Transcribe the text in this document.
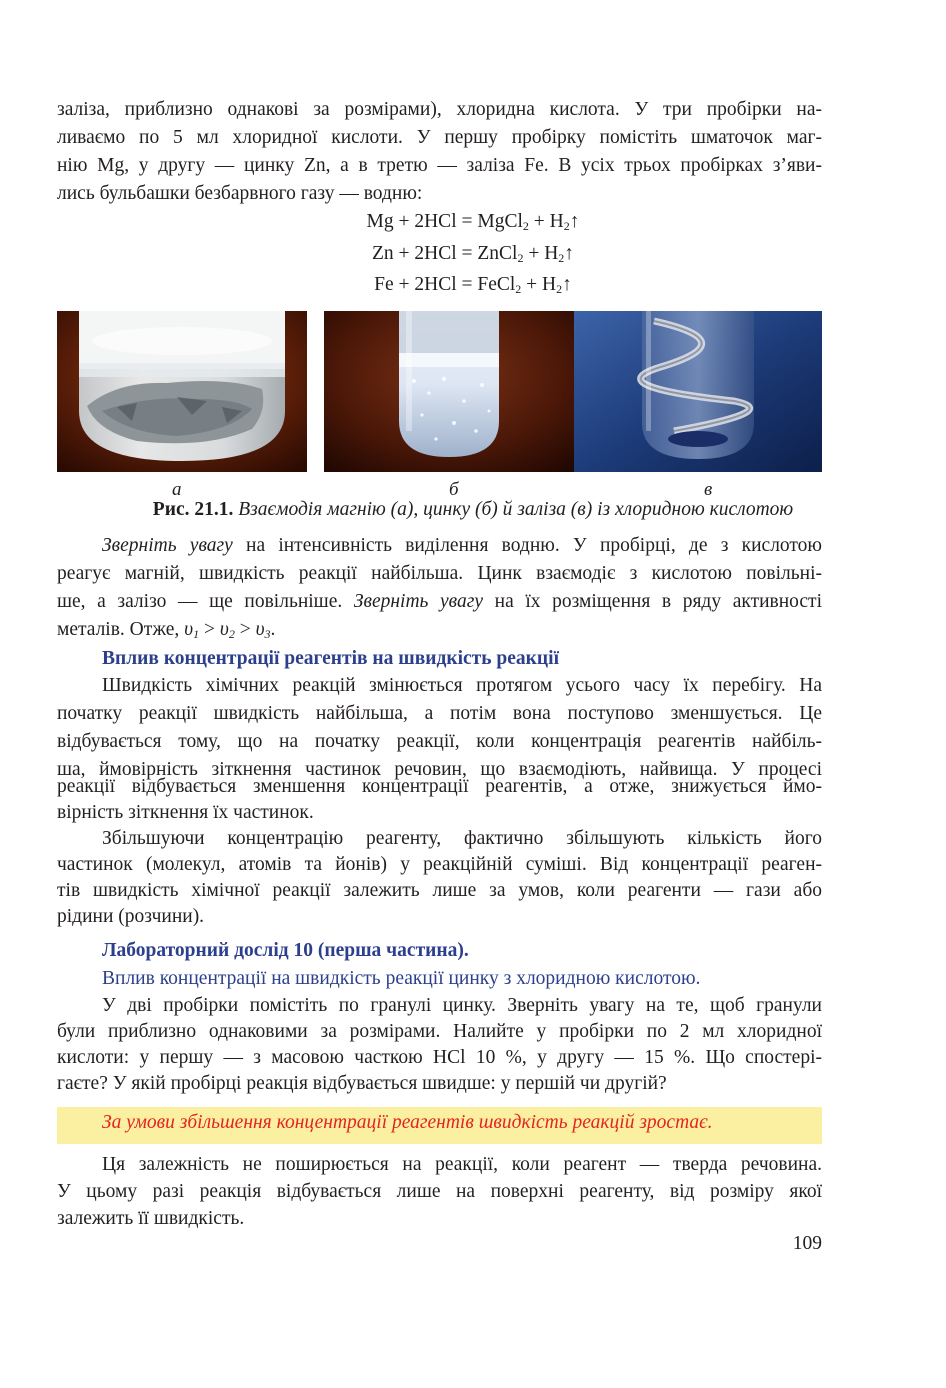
заліза, приблизно однакові за розмірами), хлоридна кислота. У три пробірки на-
ливаємо по 5 мл хлоридної кислоти. У першу пробірку помістіть шматочок маг-
нію Mg, у другу — цинку Zn, а в третю — заліза Fe. В усіх трьох пробірках з’яви-
лись бульбашки безбарвного газу — водню:
Mg + 2HCl = MgCl$_2$ + $H_2↑$
Zn + 2HCl = ZnCl$_2$ + $H_2↑$
Fe + 2HCl = FeCl$_2$ + $H_2↑$
а	б	в
Рис. 21.1. Взаємодія магнію (а), цинку (б) й заліза (в) із хлоридною кислотою
Зверніть увагу на інтенсивність виділення водню. У пробірці, де з кислотою
реагує магній, швидкість реакції найбільша. Цинк взаємодіє з кислотою повільні-
ше, а залізо — ще повільніше. Зверніть увагу на їх розміщення в ряду активності
металів. Отже, $\upsilon_1 > \upsilon_2 > \upsilon_3$.
Вплив концентрації реагентів на швидкість реакції
Швидкість хімічних реакцій змінюється протягом усього часу їх перебігу. На
початку реакції швидкість найбільша, а потім вона поступово зменшується. Це
відбувається тому, що на початку реакції, коли концентрація реагентів найбіль-
ша, ймовірність зіткнення частинок речовин, що взаємодіють, найвища. У процесі
реакції відбувається зменшення концентрації реагентів, а отже, знижується ймо-
вірність зіткнення їх частинок.
Збільшуючи концентрацію реагенту, фактично збільшують кількість його
частинок (молекул, атомів та йонів) у реакційній суміші. Від концентрації реаген-
тів швидкість хімічної реакції залежить лише за умов, коли реагенти — гази або
рідини (розчини).
Лабораторний дослід 10 (перша частина).
Вплив концентрації на швидкість реакції цинку з хлоридною кислотою.
У дві пробірки помістіть по гранулі цинку. Зверніть увагу на те, щоб гранули
були приблизно однаковими за розмірами. Налийте у пробірки по 2 мл хлоридної
кислоти: у першу — з масовою часткою HCl 10 %, у другу — 15 %. Що спостері-
гаєте? У якій пробірці реакція відбувається швидше: у першій чи другій?
За умови збільшення концентрації реагентів швидкість реакцій зростає.
Ця залежність не поширюється на реакції, коли реагент — тверда речовина.
У цьому разі реакція відбувається лише на поверхні реагенту, від розміру якої
залежить її швидкість.
109
